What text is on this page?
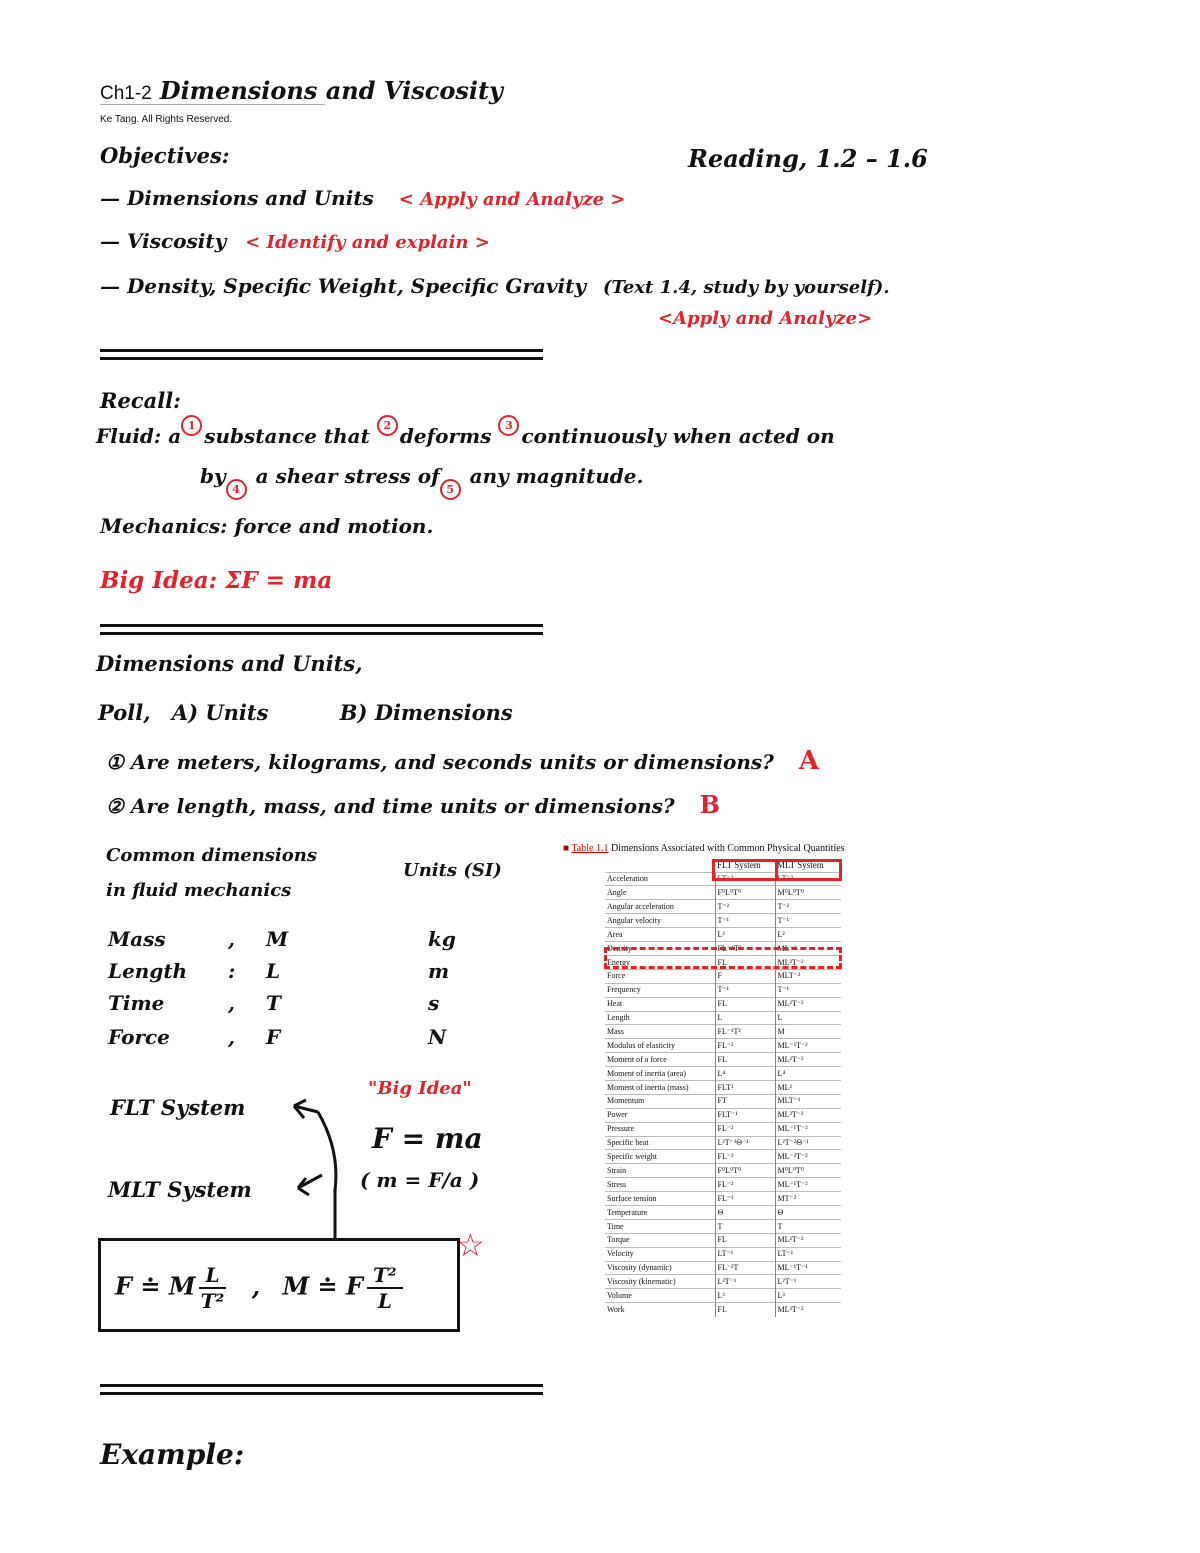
Ch1-2 Dimensions and Viscosity
Ke Tang. All Rights Reserved.
Objectives:	Reading, 1.2 – 1.6
— Dimensions and Units < Apply and Analyze >
— Viscosity < Identify and explain >
— Density, Specific Weight, Specific Gravity (Text 1.4, study by yourself).
<Apply and Analyze>
Recall:
Fluid: a 1 substance that 2 deforms 3 continuously when acted on
by4 a shear stress of5 any magnitude.
Mechanics: force and motion.
Big Idea: ΣF = ma
Dimensions and Units,
Poll, A) Units	B) Dimensions
① Are meters, kilograms, and seconds units or dimensions? A
② Are length, mass, and time units or dimensions? B
Common dimensions
in fluid mechanics
Units (SI)
Mass	, M	kg
Length : L	m
Time	, T	s
Force	, F	N
FLT System
MLT System
"Big Idea"
F = ma
( m = F/a )
☆
F ≐ M $\frac{L}{\text{T²}}$ , M ≐ F $\frac{\text{T²}}{L}$
■ Table 1.1 Dimensions Associated with Common Physical Quantities
	FLT System	MLT System
Acceleration	LT⁻²	LT⁻²
Angle	F⁰L⁰T⁰	M⁰L⁰T⁰
Angular acceleration	T⁻²	T⁻²
Angular velocity	T⁻¹	T⁻¹
Area	L²	L²
Density	FL⁻⁴T²	ML⁻³
Energy	FL	ML²T⁻²
Force	F	MLT⁻²
Frequency	T⁻¹	T⁻¹
Heat	FL	ML²T⁻²
Length	L	L
Mass	FL⁻¹T²	M
Modulus of elasticity	FL⁻²	ML⁻¹T⁻²
Moment of a force	FL	ML²T⁻²
Moment of inertia (area)	L⁴	L⁴
Moment of inertia (mass)	FLT²	ML²
Momentum	FT	MLT⁻¹
Power	FLT⁻¹	ML²T⁻³
Pressure	FL⁻²	ML⁻¹T⁻²
Specific heat	L²T⁻²Θ⁻¹	L²T⁻²Θ⁻¹
Specific weight	FL⁻³	ML⁻²T⁻²
Strain	F⁰L⁰T⁰	M⁰L⁰T⁰
Stress	FL⁻²	ML⁻¹T⁻²
Surface tension	FL⁻¹	MT⁻²
Temperature	Θ	Θ
Time	T	T
Torque	FL	ML²T⁻²
Velocity	LT⁻¹	LT⁻¹
Viscosity (dynamic)	FL⁻²T	ML⁻¹T⁻¹
Viscosity (kinematic)	L²T⁻¹	L²T⁻¹
Volume	L³	L³
Work	FL	ML²T⁻²
Example:
